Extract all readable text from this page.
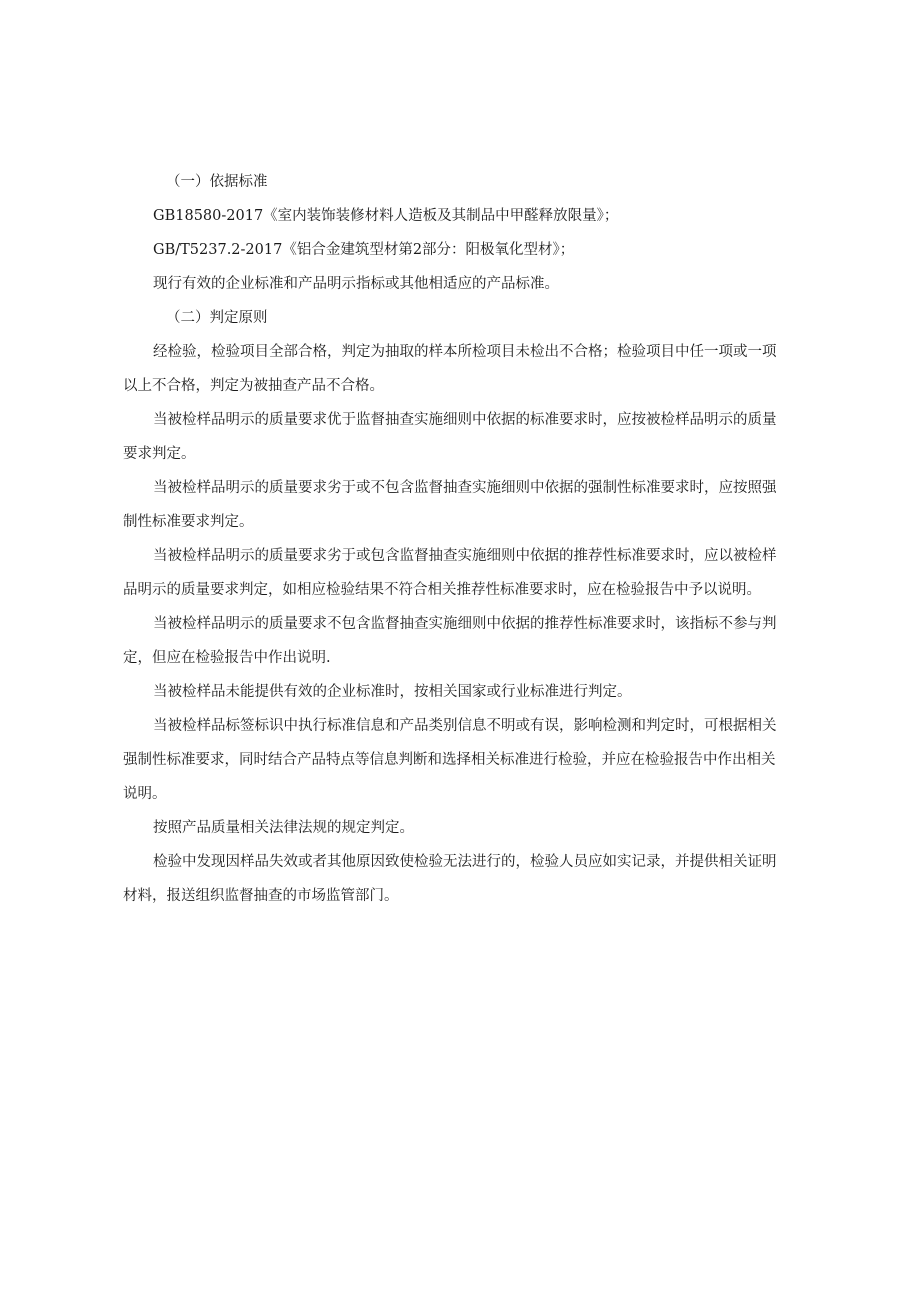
（一）依据标准
GB18580-2017《室内装饰装修材料人造板及其制品中甲醛释放限量》；
GB/T5237.2-2017《铝合金建筑型材第2部分：阳极氧化型材》；
现行有效的企业标准和产品明示指标或其他相适应的产品标准。
（二）判定原则
经检验，检验项目全部合格，判定为抽取的样本所检项目未检出不合格；检验项目中任一项或一项
以上不合格，判定为被抽查产品不合格。
当被检样品明示的质量要求优于监督抽查实施细则中依据的标准要求时，应按被检样品明示的质量
要求判定。
当被检样品明示的质量要求劣于或不包含监督抽查实施细则中依据的强制性标准要求时，应按照强
制性标准要求判定。
当被检样品明示的质量要求劣于或包含监督抽查实施细则中依据的推荐性标准要求时，应以被检样
品明示的质量要求判定，如相应检验结果不符合相关推荐性标准要求时，应在检验报告中予以说明。
当被检样品明示的质量要求不包含监督抽查实施细则中依据的推荐性标准要求时，该指标不参与判
定，但应在检验报告中作出说明.
当被检样品未能提供有效的企业标准时，按相关国家或行业标准进行判定。
当被检样品标签标识中执行标准信息和产品类别信息不明或有误，影响检测和判定时，可根据相关
强制性标准要求，同时结合产品特点等信息判断和选择相关标准进行检验，并应在检验报告中作出相关
说明。
按照产品质量相关法律法规的规定判定。
检验中发现因样品失效或者其他原因致使检验无法进行的，检验人员应如实记录，并提供相关证明
材料，报送组织监督抽查的市场监管部门。
